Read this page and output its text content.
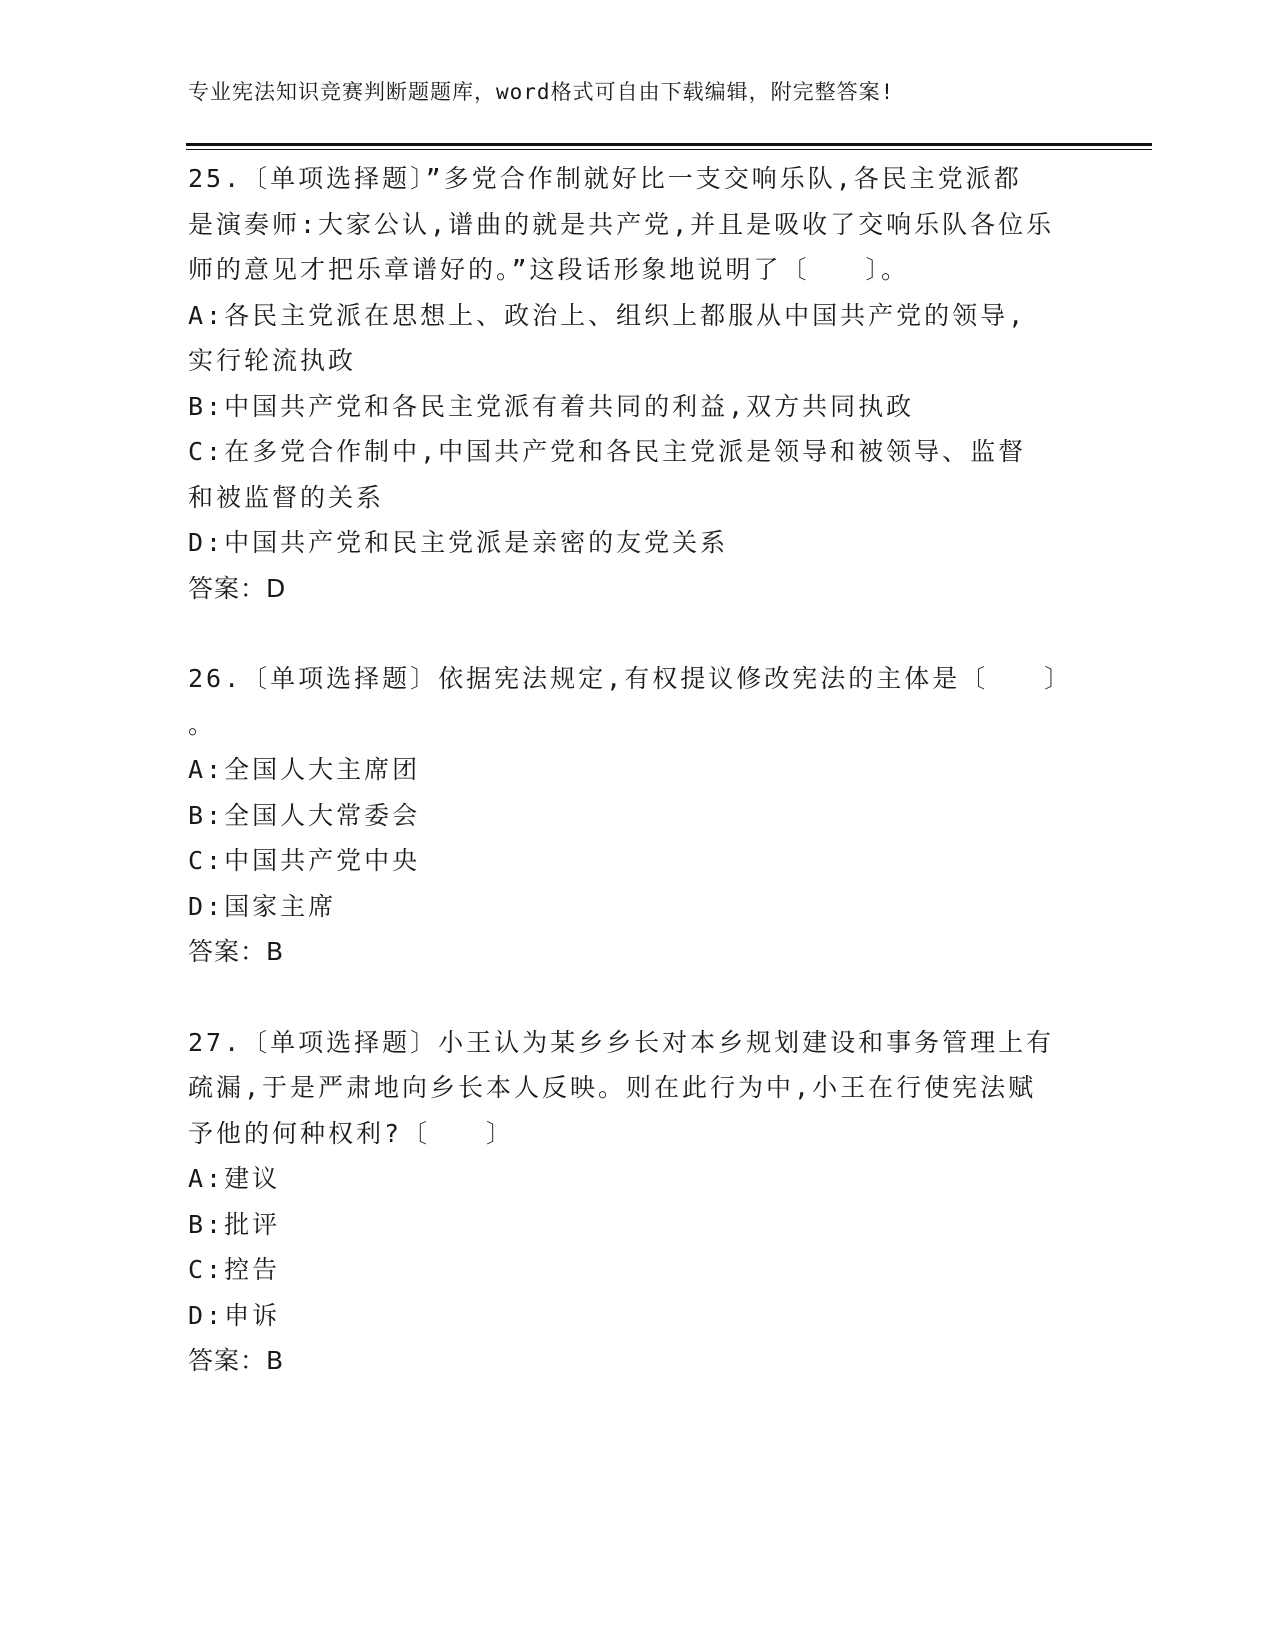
专业宪法知识竞赛判断题题库，word格式可自由下载编辑，附完整答案!
25.〔单项选择题〕”多党合作制就好比一支交响乐队,各民主党派都
是演奏师:大家公认,谱曲的就是共产党,并且是吸收了交响乐队各位乐
师的意见才把乐章谱好的。”这段话形象地说明了〔　　〕。
A:各民主党派在思想上、政治上、组织上都服从中国共产党的领导,
实行轮流执政
B:中国共产党和各民主党派有着共同的利益,双方共同执政
C:在多党合作制中,中国共产党和各民主党派是领导和被领导、监督
和被监督的关系
D:中国共产党和民主党派是亲密的友党关系
答案：D
26.〔单项选择题〕依据宪法规定,有权提议修改宪法的主体是〔　　〕
。
A:全国人大主席团
B:全国人大常委会
C:中国共产党中央
D:国家主席
答案：B
27.〔单项选择题〕小王认为某乡乡长对本乡规划建设和事务管理上有
疏漏,于是严肃地向乡长本人反映。则在此行为中,小王在行使宪法赋
予他的何种权利?〔　　〕
A:建议
B:批评
C:控告
D:申诉
答案：B
